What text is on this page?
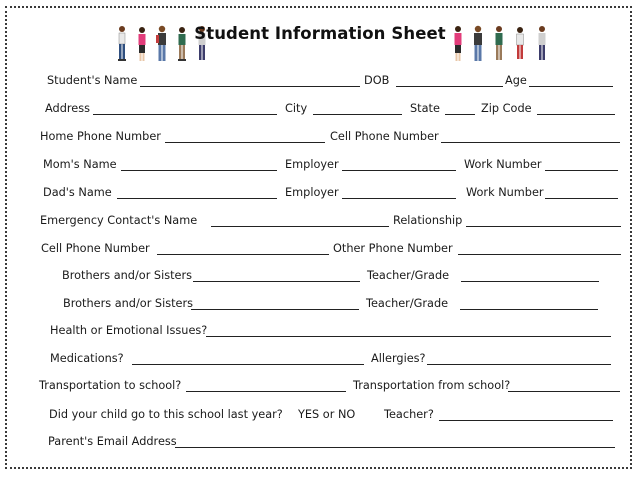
Student Information Sheet
Student's Name	DOB	Age
Address	City	State	Zip Code
Home Phone Number	Cell Phone Number
Mom's Name	Employer	Work Number
Dad's Name	Employer	Work Number
Emergency Contact's Name	Relationship
Cell Phone Number	Other Phone Number
Brothers and/or Sisters	Teacher/Grade
Brothers and/or Sisters	Teacher/Grade
Health or Emotional Issues?
Medications?	Allergies?
Transportation to school?	Transportation from school?
Did your child go to this school last year? YES or NO	Teacher?
Parent's Email Address
